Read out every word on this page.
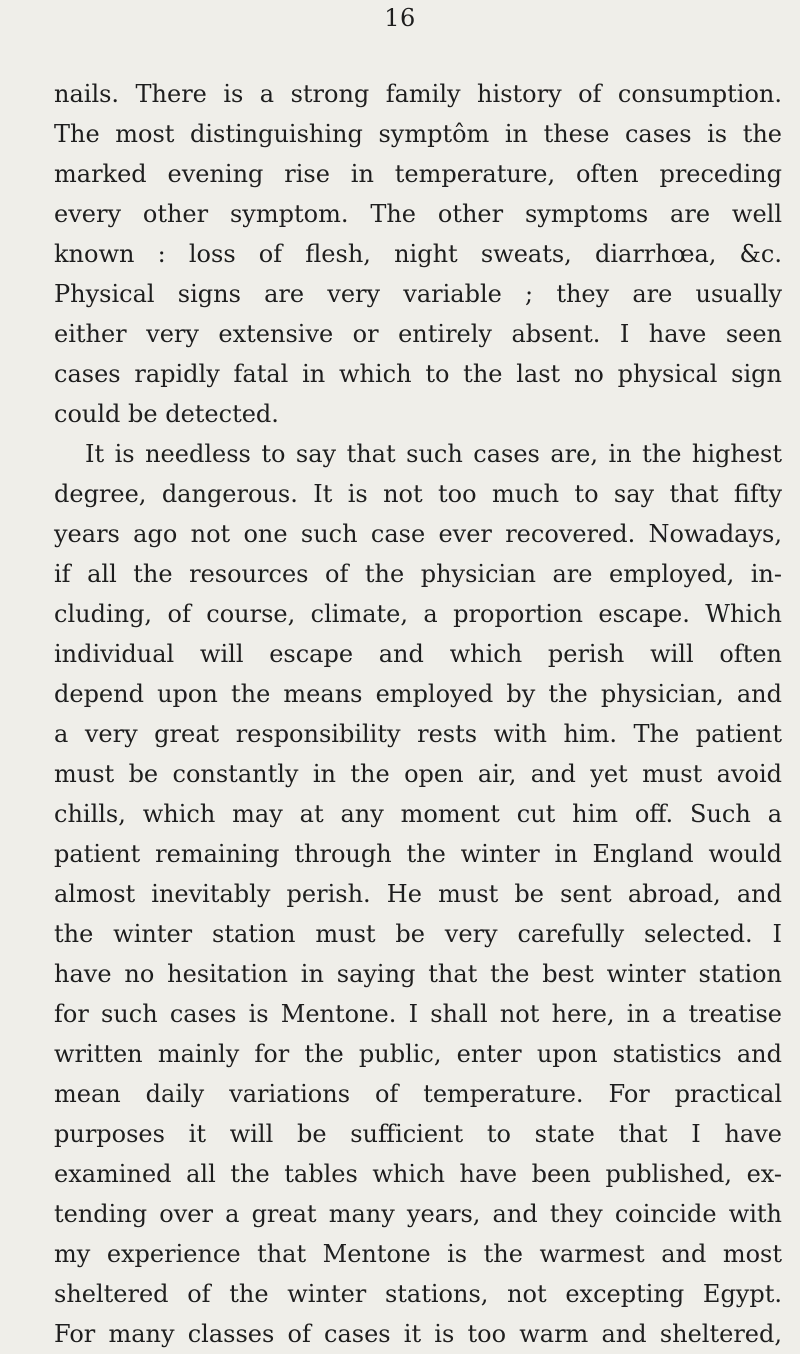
16
nails. There is a strong family history of consumption.
The most distinguishing symptôm in these cases is the
marked evening rise in temperature, often preceding
every other symptom. The other symptoms are well
known : loss of flesh, night sweats, diarrhœa, &c.
Physical signs are very variable ; they are usually
either very extensive or entirely absent. I have seen
cases rapidly fatal in which to the last no physical sign
could be detected.
It is needless to say that such cases are, in the highest
degree, dangerous. It is not too much to say that fifty
years ago not one such case ever recovered. Nowadays,
if all the resources of the physician are employed, in-
cluding, of course, climate, a proportion escape. Which
individual will escape and which perish will often
depend upon the means employed by the physician, and
a very great responsibility rests with him. The patient
must be constantly in the open air, and yet must avoid
chills, which may at any moment cut him off. Such a
patient remaining through the winter in England would
almost inevitably perish. He must be sent abroad, and
the winter station must be very carefully selected. I
have no hesitation in saying that the best winter station
for such cases is Mentone. I shall not here, in a treatise
written mainly for the public, enter upon statistics and
mean daily variations of temperature. For practical
purposes it will be sufficient to state that I have
examined all the tables which have been published, ex-
tending over a great many years, and they coincide with
my experience that Mentone is the warmest and most
sheltered of the winter stations, not excepting Egypt.
For many classes of cases it is too warm and sheltered,
